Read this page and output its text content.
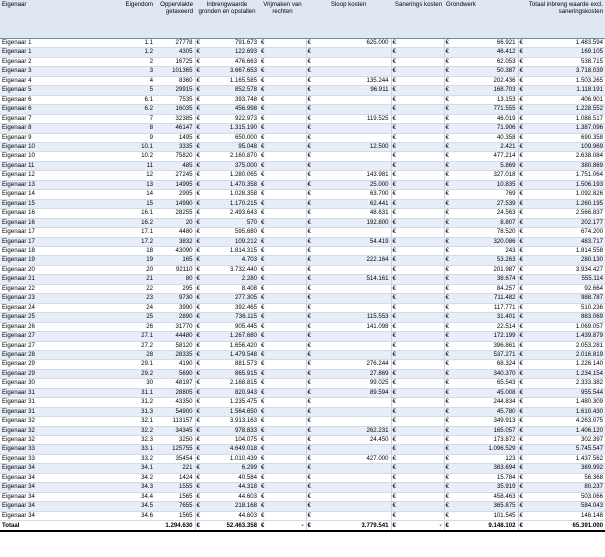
Eigenaar	Eigendom	Oppervlakte getaxeerd	Inbrengwaarde gronden en opstallen		Vrijmaken van rechten	Sloop kosten		Sanerings kosten		Grondwerk		Totaal inbreng waarde excl. saneringskosten	
Eigenaar 1	1.1	27778	€	791.673	€	€	625.000	€		€	66.921	€	1.483.594
Eigenaar 1	1.2	4305	€	122.693	€	€		€		€	46.412	€	169.105
Eigenaar 2	2	16725	€	476.663	€	€		€		€	62.053	€	538.715
Eigenaar 3	3	101365	€	3.667.653	€	€		€		€	50.387	€	3.718.039
Eigenaar 4	4	8360	€	1.165.585	€	€	135.244	€		€	202.436	€	1.503.265
Eigenaar 5	5	29915	€	852.578	€	€	96.911	€		€	168.703	€	1.118.191
Eigenaar 6	6.1	7535	€	393.748	€	€		€		€	13.153	€	406.901
Eigenaar 6	6.2	16035	€	456.998	€	€		€		€	771.555	€	1.228.552
Eigenaar 7	7	32385	€	922.973	€	€	119.525	€		€	46.019	€	1.088.517
Eigenaar 8	8	46147	€	1.315.190	€	€		€		€	71.906	€	1.387.096
Eigenaar 9	9	1495	€	650.000	€	€		€		€	40.358	€	690.358
Eigenaar 10	10.1	3335	€	95.048	€	€	12.500	€		€	2.421	€	109.969
Eigenaar 10	10.2	75820	€	2.160.870	€	€		€		€	477.214	€	2.638.084
Eigenaar 11	11	485	€	375.000	€	€		€		€	5.869	€	380.869
Eigenaar 12	12	27245	€	1.280.065	€	€	143.981	€		€	327.018	€	1.751.064
Eigenaar 13	13	14995	€	1.470.358	€	€	25.000	€		€	10.835	€	1.506.193
Eigenaar 14	14	2995	€	1.028.358	€	€	63.700	€		€	769	€	1.092.826
Eigenaar 15	15	14990	€	1.170.215	€	€	62.441	€		€	27.539	€	1.260.195
Eigenaar 16	16.1	28255	€	2.493.643	€	€	48.631	€		€	24.563	€	2.566.837
Eigenaar 16	16.2	20	€	570	€	€	192.800	€		€	8.807	€	202.177
Eigenaar 17	17.1	4480	€	595.680	€	€		€		€	78.520	€	674.200
Eigenaar 17	17.2	3832	€	109.212	€	€	54.419	€		€	320.086	€	483.717
Eigenaar 18	18	43090	€	1.814.315	€	€		€		€	243	€	1.814.558
Eigenaar 19	19	165	€	4.703	€	€	222.164	€		€	53.263	€	280.130
Eigenaar 20	20	92110	€	3.732.440	€	€		€		€	201.987	€	3.934.427
Eigenaar 21	21	80	€	2.280	€	€	514.161	€		€	38.674	€	555.114
Eigenaar 22	22	295	€	8.408	€	€		€		€	84.257	€	92.664
Eigenaar 23	23	9730	€	277.305	€	€		€		€	711.482	€	988.787
Eigenaar 24	24	3990	€	392.465	€	€		€		€	117.771	€	510.236
Eigenaar 25	25	2890	€	736.115	€	€	115.553	€		€	31.401	€	883.069
Eigenaar 26	26	31770	€	905.445	€	€	141.098	€		€	22.514	€	1.069.057
Eigenaar 27	27.1	44480	€	1.267.680	€	€		€		€	172.199	€	1.439.879
Eigenaar 27	27.2	58120	€	1.656.420	€	€		€		€	396.861	€	2.053.281
Eigenaar 28	28	28335	€	1.479.548	€	€		€		€	537.271	€	2.016.819
Eigenaar 29	29.1	4190	€	881.573	€	€	276.244	€		€	68.324	€	1.226.140
Eigenaar 29	29.2	5690	€	865.915	€	€	27.869	€		€	340.370	€	1.234.154
Eigenaar 30	30	48197	€	2.168.815	€	€	99.025	€		€	65.543	€	2.333.382
Eigenaar 31	31.1	28805	€	820.943	€	€	89.594	€		€	45.008	€	955.544
Eigenaar 31	31.2	43350	€	1.235.475	€	€		€		€	244.834	€	1.480.309
Eigenaar 31	31.3	54900	€	1.564.650	€	€		€		€	45.780	€	1.610.430
Eigenaar 32	32.1	113157	€	3.913.163	€	€		€		€	349.913	€	4.263.075
Eigenaar 32	32.2	34345	€	978.833	€	€	262.231	€		€	165.057	€	1.406.120
Eigenaar 32	32.3	3250	€	104.075	€	€	24.450	€		€	173.872	€	302.397
Eigenaar 33	33.1	125755	€	4.649.018	€	€		€		€	1.096.529	€	5.745.547
Eigenaar 33	33.2	35454	€	1.010.439	€	€	427.000	€		€	123	€	1.437.562
Eigenaar 34	34.1	221	€	6.299	€	€		€		€	383.694	€	389.992
Eigenaar 34	34.2	1424	€	40.584	€	€		€		€	15.784	€	56.368
Eigenaar 34	34.3	1555	€	44.318	€	€		€		€	35.919	€	80.237
Eigenaar 34	34.4	1565	€	44.603	€	€		€		€	458.463	€	503.066
Eigenaar 34	34.5	7655	€	218.168	€	€		€		€	365.875	€	584.043
Eigenaar 34	34.6	1565	€	44.603	€	€		€		€	101.545	€	146.148
Totaal		1.294.630	€	52.463.358	€ -	€	3.779.541	€	-	€	9.148.102	€	65.391.000
